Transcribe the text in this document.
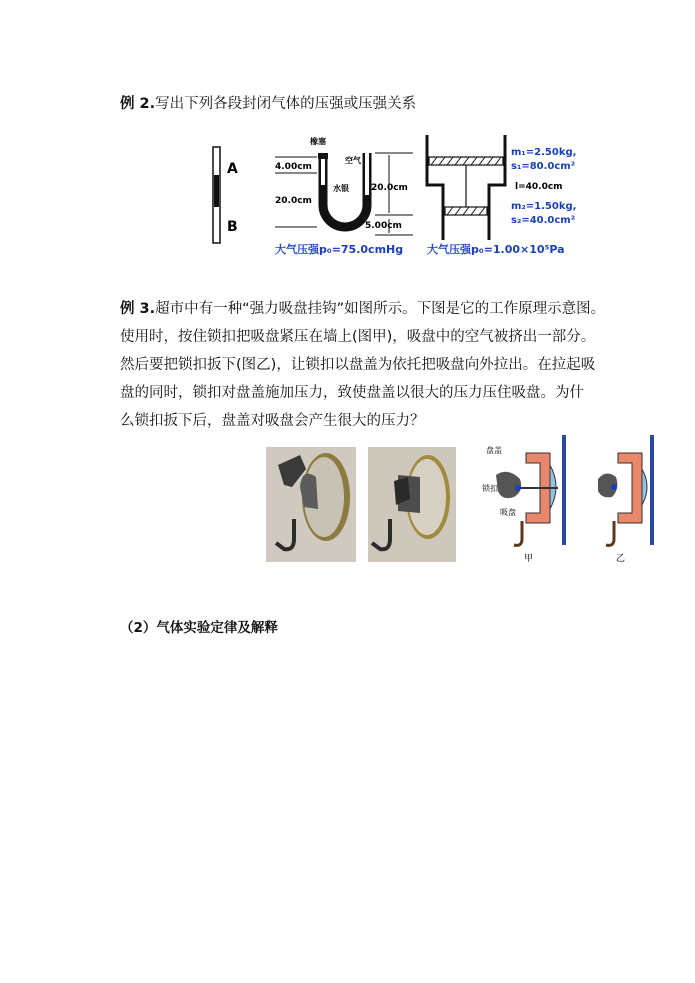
例 2.写出下列各段封闭气体的压强或压强关系
A
B
橡塞
空气
水银
4.00cm
20.0cm
20.0cm
5.00cm
大气压强p₀=75.0cmHg
m₁=2.50kg,
s₁=80.0cm²
l=40.0cm
m₂=1.50kg,
s₂=40.0cm²
大气压强p₀=1.00×10⁵Pa
例 3.超市中有一种“强力吸盘挂钩”如图所示。下图是它的工作原理示意图。
使用时，按住锁扣把吸盘紧压在墙上(图甲)，吸盘中的空气被挤出一部分。
然后要把锁扣扳下(图乙)，让锁扣以盘盖为依托把吸盘向外拉出。在拉起吸
盘的同时，锁扣对盘盖施加压力，致使盘盖以很大的压力压住吸盘。为什
么锁扣扳下后，盘盖对吸盘会产生很大的压力？
盘盖
锁扣
吸盘
甲	乙
（2）气体实验定律及解释
